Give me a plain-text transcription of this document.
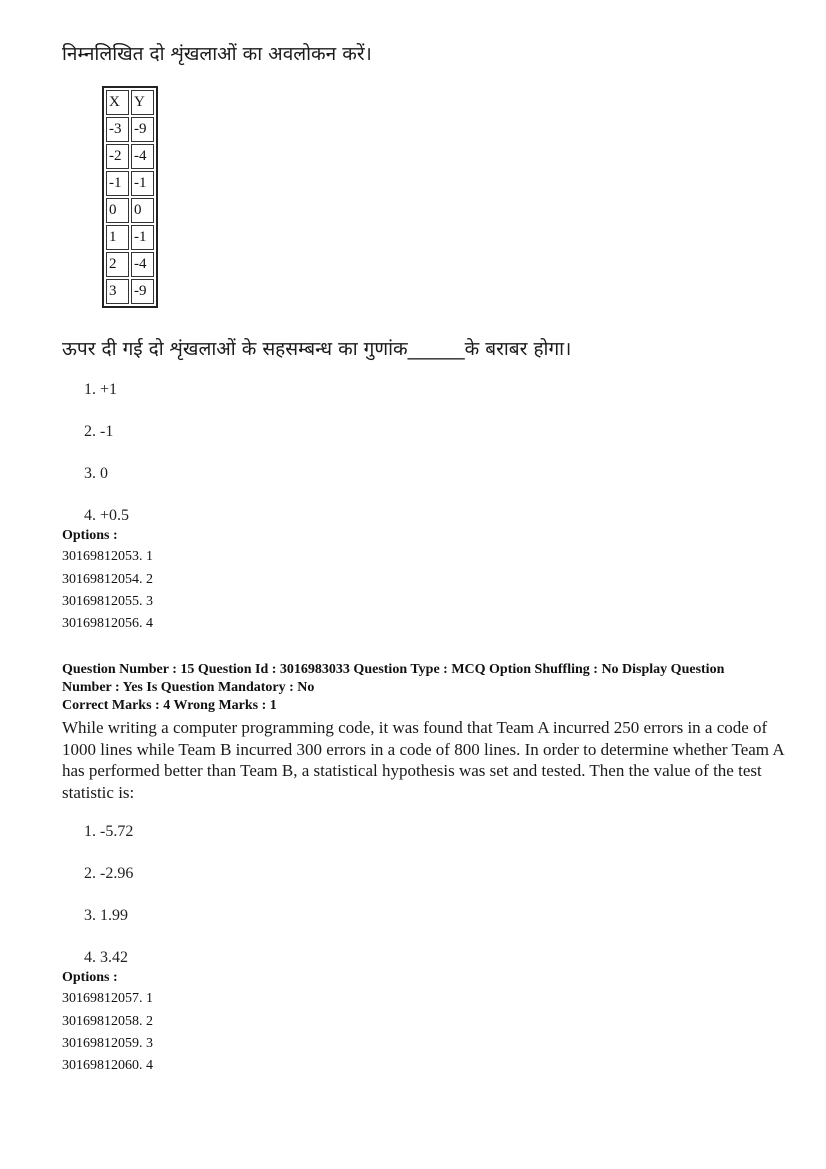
निम्नलिखित दो शृंखलाओं का अवलोकन करें।
X	Y
-3	-9
-2	-4
-1	-1
0	0
1	-1
2	-4
3	-9
ऊपर दी गई दो शृंखलाओं के सहसम्बन्ध का गुणांक______के बराबर होगा।
1. +1
2. -1
3. 0
4. +0.5
Options :
30169812053. 1
30169812054. 2
30169812055. 3
30169812056. 4
Question Number : 15 Question Id : 3016983033 Question Type : MCQ Option Shuffling : No Display Question
Number : Yes Is Question Mandatory : No
Correct Marks : 4 Wrong Marks : 1
While writing a computer programming code, it was found that Team A incurred 250 errors in a code of 1000 lines while Team B incurred 300 errors in a code of 800 lines. In order to determine whether Team A has performed better than Team B, a statistical hypothesis was set and tested. Then the value of the test statistic is:
1. -5.72
2. -2.96
3. 1.99
4. 3.42
Options :
30169812057. 1
30169812058. 2
30169812059. 3
30169812060. 4
